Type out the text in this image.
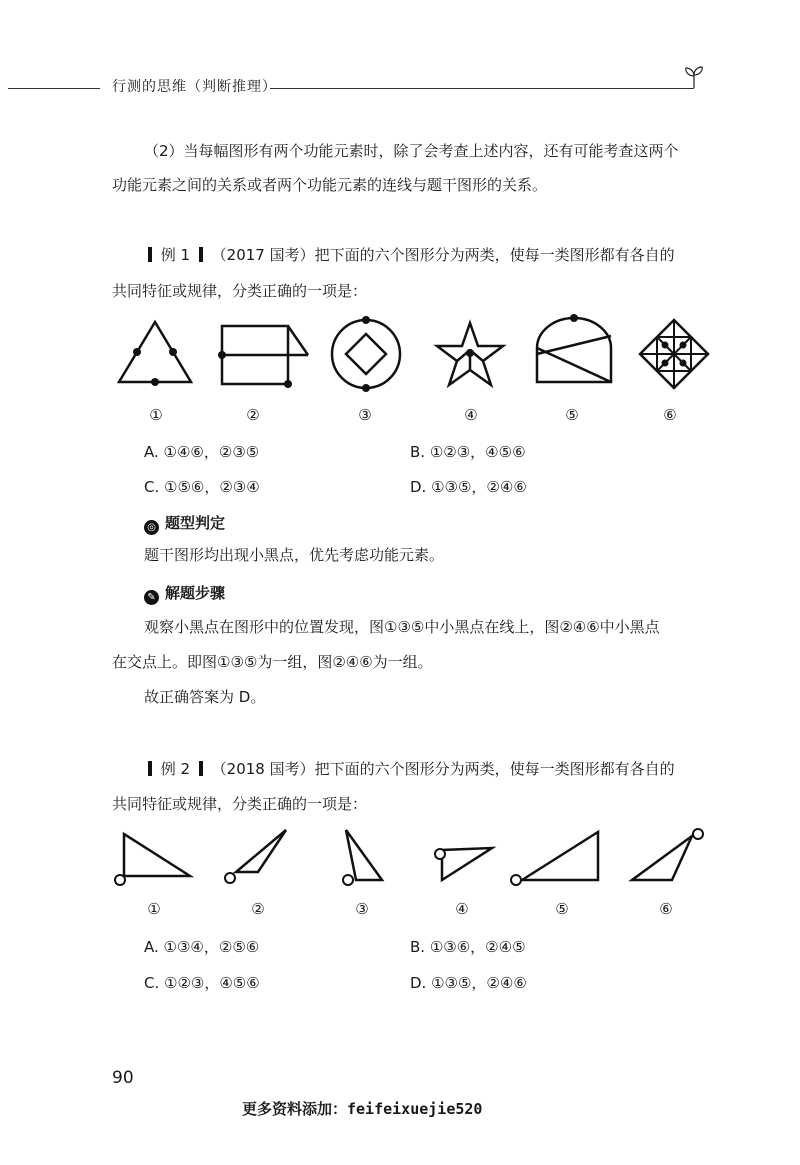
行测的思维（判断推理）
（2）当每幅图形有两个功能元素时，除了会考查上述内容，还有可能考查这两个
功能元素之间的关系或者两个功能元素的连线与题干图形的关系。
例 1 （2017 国考）把下面的六个图形分为两类，使每一类图形都有各自的
共同特征或规律，分类正确的一项是：
①	②	③	④	⑤	⑥
A. ①④⑥，②③⑤	B. ①②③，④⑤⑥
C. ①⑤⑥，②③④	D. ①③⑤，②④⑥
◎ 题型判定
题干图形均出现小黑点，优先考虑功能元素。
✎ 解题步骤
观察小黑点在图形中的位置发现，图①③⑤中小黑点在线上，图②④⑥中小黑点
在交点上。即图①③⑤为一组，图②④⑥为一组。
故正确答案为 D。
例 2 （2018 国考）把下面的六个图形分为两类，使每一类图形都有各自的
共同特征或规律，分类正确的一项是：
①	②	③	④	⑤	⑥
A. ①③④，②⑤⑥	B. ①③⑥，②④⑤
C. ①②③，④⑤⑥	D. ①③⑤，②④⑥
90
更多资料添加：feifeixuejie520
